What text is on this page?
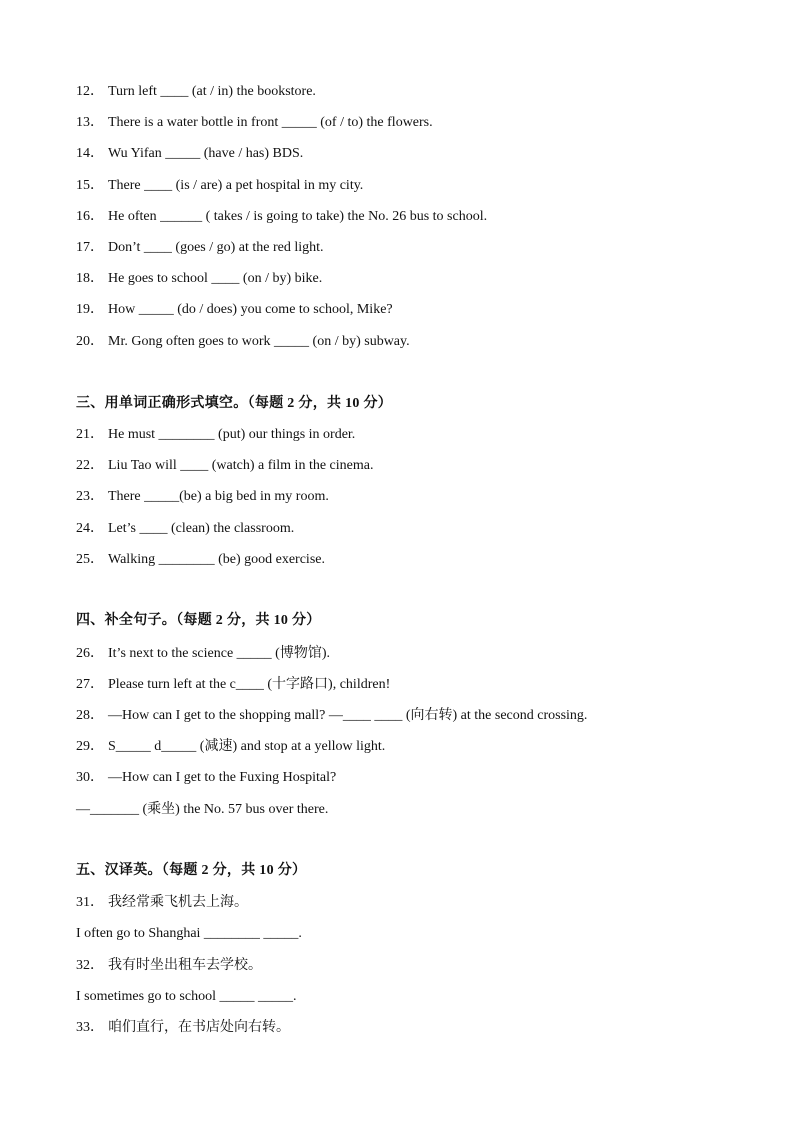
12． Turn left ____ (at / in) the bookstore.
13． There is a water bottle in front _____ (of / to) the flowers.
14． Wu Yifan _____ (have / has) BDS.
15． There ____ (is / are) a pet hospital in my city.
16． He often ______ ( takes / is going to take) the No. 26 bus to school.
17． Don’t ____ (goes / go) at the red light.
18． He goes to school ____ (on / by) bike.
19． How _____ (do / does) you come to school, Mike?
20． Mr. Gong often goes to work _____ (on / by) subway.
三、用单词正确形式填空。（每题 2 分，共 10 分）
21． He must ________ (put) our things in order.
22． Liu Tao will ____ (watch) a film in the cinema.
23． There _____(be) a big bed in my room.
24． Let’s ____ (clean) the classroom.
25． Walking ________ (be) good exercise.
四、补全句子。（每题 2 分，共 10 分）
26． It’s next to the science _____ (博物馆).
27． Please turn left at the c____ (十字路口), children!
28． —How can I get to the shopping mall? —____ ____ (向右转) at the second crossing.
29． S_____ d_____ (减速) and stop at a yellow light.
30． —How can I get to the Fuxing Hospital?
—_______ (乘坐) the No. 57 bus over there.
五、汉译英。（每题 2 分，共 10 分）
31． 我经常乘飞机去上海。
I often go to Shanghai ________ _____.
32． 我有时坐出租车去学校。
I sometimes go to school _____ _____.
33． 咱们直行，在书店处向右转。
